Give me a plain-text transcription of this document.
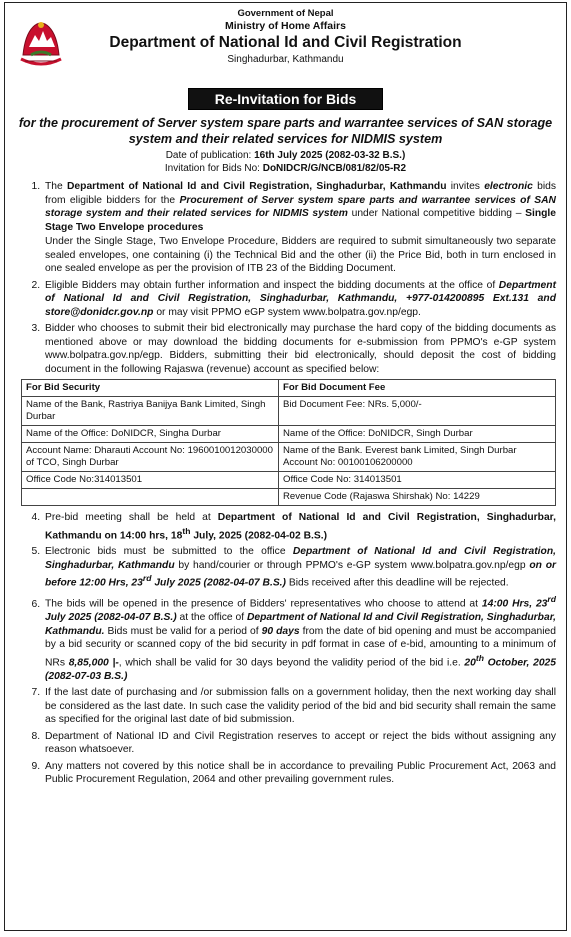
Government of Nepal
Ministry of Home Affairs
Department of National Id and Civil Registration
Singhadurbar, Kathmandu
Re-Invitation for Bids
for the procurement of Server system spare parts and warrantee services of SAN storage system and their related services for NIDMIS system
Date of publication: 16th July 2025 (2082-03-32 B.S.)
Invitation for Bids No: DoNIDCR/G/NCB/081/82/05-R2
1. The Department of National Id and Civil Registration, Singhadurbar, Kathmandu invites electronic bids from eligible bidders for the Procurement of Server system spare parts and warrantee services of SAN storage system and their related services for NIDMIS system under National competitive bidding – Single Stage Two Envelope procedures
Under the Single Stage, Two Envelope Procedure, Bidders are required to submit simultaneously two separate sealed envelopes, one containing (i) the Technical Bid and the other (ii) the Price Bid, both in turn enclosed in one sealed envelope as per the provision of ITB 23 of the Bidding Document.
2. Eligible Bidders may obtain further information and inspect the bidding documents at the office of Department of National Id and Civil Registration, Singhadurbar, Kathmandu, +977-014200895 Ext.131 and store@donidcr.gov.np or may visit PPMO eGP system www.bolpatra.gov.np/egp.
3. Bidder who chooses to submit their bid electronically may purchase the hard copy of the bidding documents as mentioned above or may download the bidding documents for e-submission from PPMO's e-GP system www.bolpatra.gov.np/egp. Bidders, submitting their bid electronically, should deposit the cost of bidding document in the following Rajaswa (revenue) account as specified below:
For Bid Security	For Bid Document Fee
Name of the Bank, Rastriya Banijya Bank Limited, Singh Durbar	Bid Document Fee: NRs. 5,000/-
Name of the Office: DoNIDCR, Singha Durbar	Name of the Office: DoNIDCR, Singh Durbar
Account Name: Dharauti Account No: 1960010012030000 of TCO, Singh Durbar	Name of the Bank. Everest bank Limited, Singh Durbar Account No: 00100106200000
Office Code No:314013501	Office Code No: 314013501
	Revenue Code (Rajaswa Shirshak) No: 14229
4. Pre-bid meeting shall be held at Department of National Id and Civil Registration, Singhadurbar, Kathmandu on 14:00 hrs, 18th July, 2025 (2082-04-02 B.S.)
5. Electronic bids must be submitted to the office Department of National Id and Civil Registration, Singhadurbar, Kathmandu by hand/courier or through PPMO's e-GP system www.bolpatra.gov.np/egp on or before 12:00 Hrs, 23rd July 2025 (2082-04-07 B.S.) Bids received after this deadline will be rejected.
6. The bids will be opened in the presence of Bidders' representatives who choose to attend at 14:00 Hrs, 23rd July 2025 (2082-04-07 B.S.) at the office of Department of National Id and Civil Registration, Singhadurbar, Kathmandu. Bids must be valid for a period of 90 days from the date of bid opening and must be accompanied by a bid security or scanned copy of the bid security in pdf format in case of e-bid, amounting to a minimum of NRs 8,85,000 |-, which shall be valid for 30 days beyond the validity period of the bid i.e. 20th October, 2025 (2082-07-03 B.S.)
7. If the last date of purchasing and /or submission falls on a government holiday, then the next working day shall be considered as the last date. In such case the validity period of the bid and bid security shall remain the same as specified for the original last date of bid submission.
8. Department of National ID and Civil Registration reserves to accept or reject the bids without assigning any reason whatsoever.
9. Any matters not covered by this notice shall be in accordance to prevailing Public Procurement Act, 2063 and Public Procurement Regulation, 2064 and other prevailing government rules.
